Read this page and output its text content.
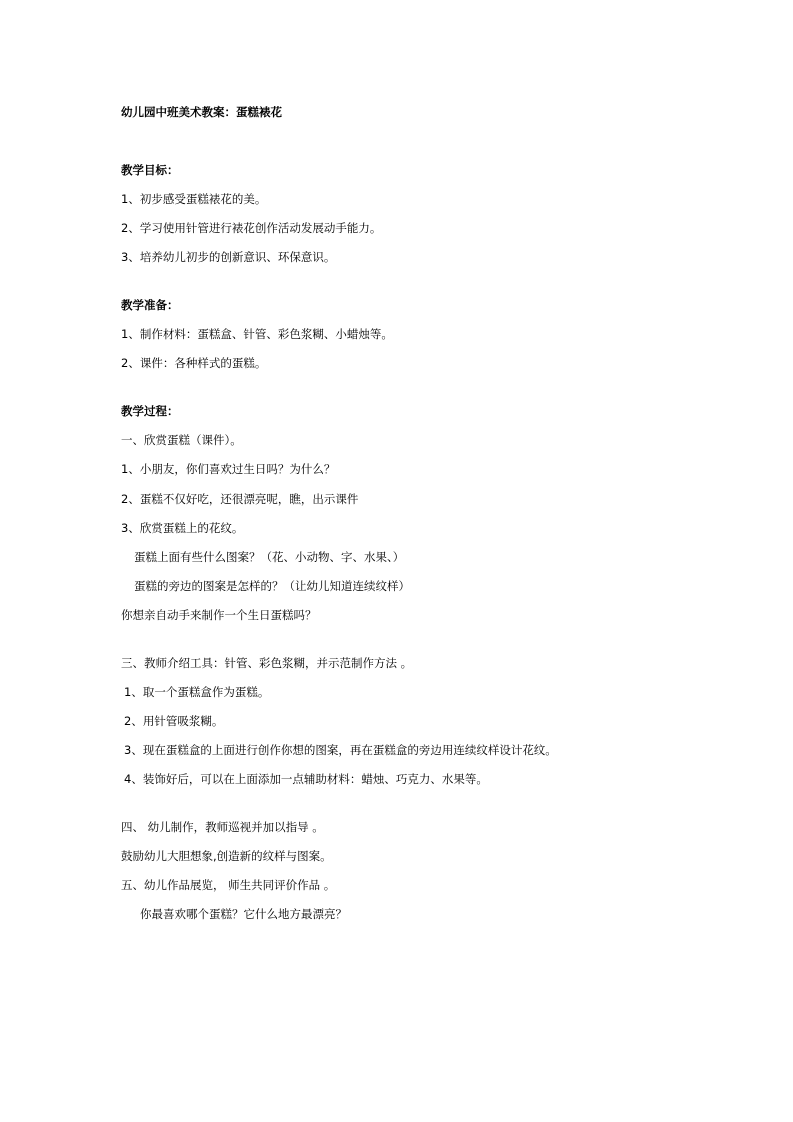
幼儿园中班美术教案：蛋糕裱花

教学目标：

1、初步感受蛋糕裱花的美。

2、学习使用针管进行裱花创作活动发展动手能力。

3、培养幼儿初步的创新意识、环保意识。

教学准备：

1、制作材料：蛋糕盒、针管、彩色浆糊、小蜡烛等。

2、课件：各种样式的蛋糕。

教学过程：

一、欣赏蛋糕（课件）。

1、小朋友，你们喜欢过生日吗？为什么？

2、蛋糕不仅好吃，还很漂亮呢，瞧，出示课件

3、欣赏蛋糕上的花纹。

蛋糕上面有些什么图案？（花、小动物、字、水果、）

蛋糕的旁边的图案是怎样的？（让幼儿知道连续纹样）

你想亲自动手来制作一个生日蛋糕吗？

三、教师介绍工具：针管、彩色浆糊，并示范制作方法 。

1、取一个蛋糕盒作为蛋糕。

2、用针管吸浆糊。

3、现在蛋糕盒的上面进行创作你想的图案，再在蛋糕盒的旁边用连续纹样设计花纹。

4、装饰好后，可以在上面添加一点辅助材料：蜡烛、巧克力、水果等。

四、 幼儿制作，教师巡视并加以指导 。

鼓励幼儿大胆想象,创造新的纹样与图案。

五、幼儿作品展览， 师生共同评价作品 。

你最喜欢哪个蛋糕？它什么地方最漂亮？
